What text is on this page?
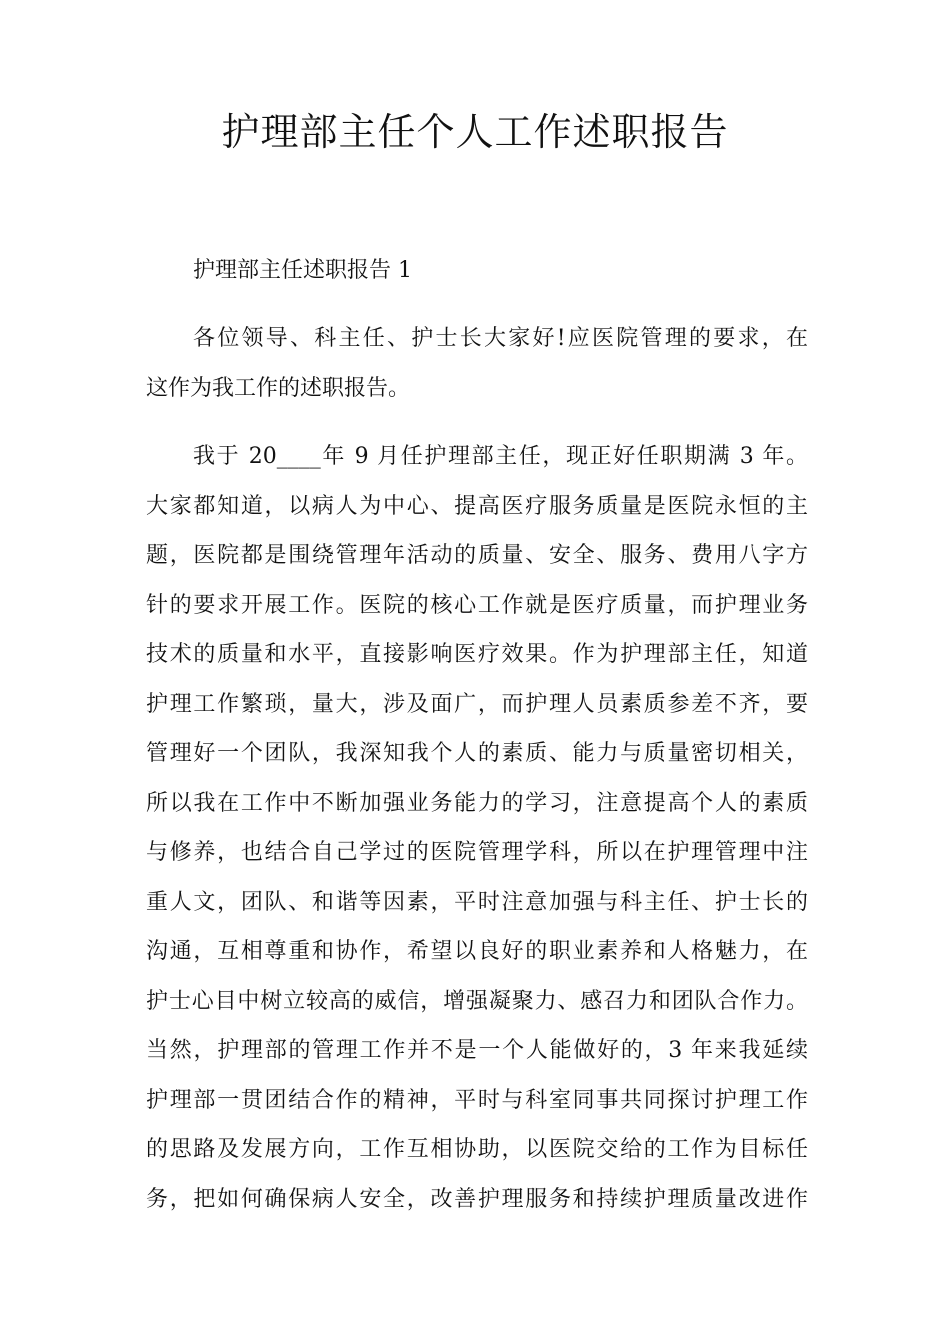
护理部主任个人工作述职报告

护理部主任述职报告 1

各位领导、科主任、护士长大家好!应医院管理的要求，在
这作为我工作的述职报告。

我于 20____年 9 月任护理部主任，现正好任职期满 3 年。
大家都知道，以病人为中心、提高医疗服务质量是医院永恒的主
题，医院都是围绕管理年活动的质量、安全、服务、费用八字方
针的要求开展工作。医院的核心工作就是医疗质量，而护理业务
技术的质量和水平，直接影响医疗效果。作为护理部主任，知道
护理工作繁琐，量大，涉及面广，而护理人员素质参差不齐，要
管理好一个团队，我深知我个人的素质、能力与质量密切相关，
所以我在工作中不断加强业务能力的学习，注意提高个人的素质
与修养，也结合自己学过的医院管理学科，所以在护理管理中注
重人文，团队、和谐等因素，平时注意加强与科主任、护士长的
沟通，互相尊重和协作，希望以良好的职业素养和人格魅力，在
护士心目中树立较高的威信，增强凝聚力、感召力和团队合作力。
当然，护理部的管理工作并不是一个人能做好的，3 年来我延续
护理部一贯团结合作的精神，平时与科室同事共同探讨护理工作
的思路及发展方向，工作互相协助，以医院交给的工作为目标任
务，把如何确保病人安全，改善护理服务和持续护理质量改进作
